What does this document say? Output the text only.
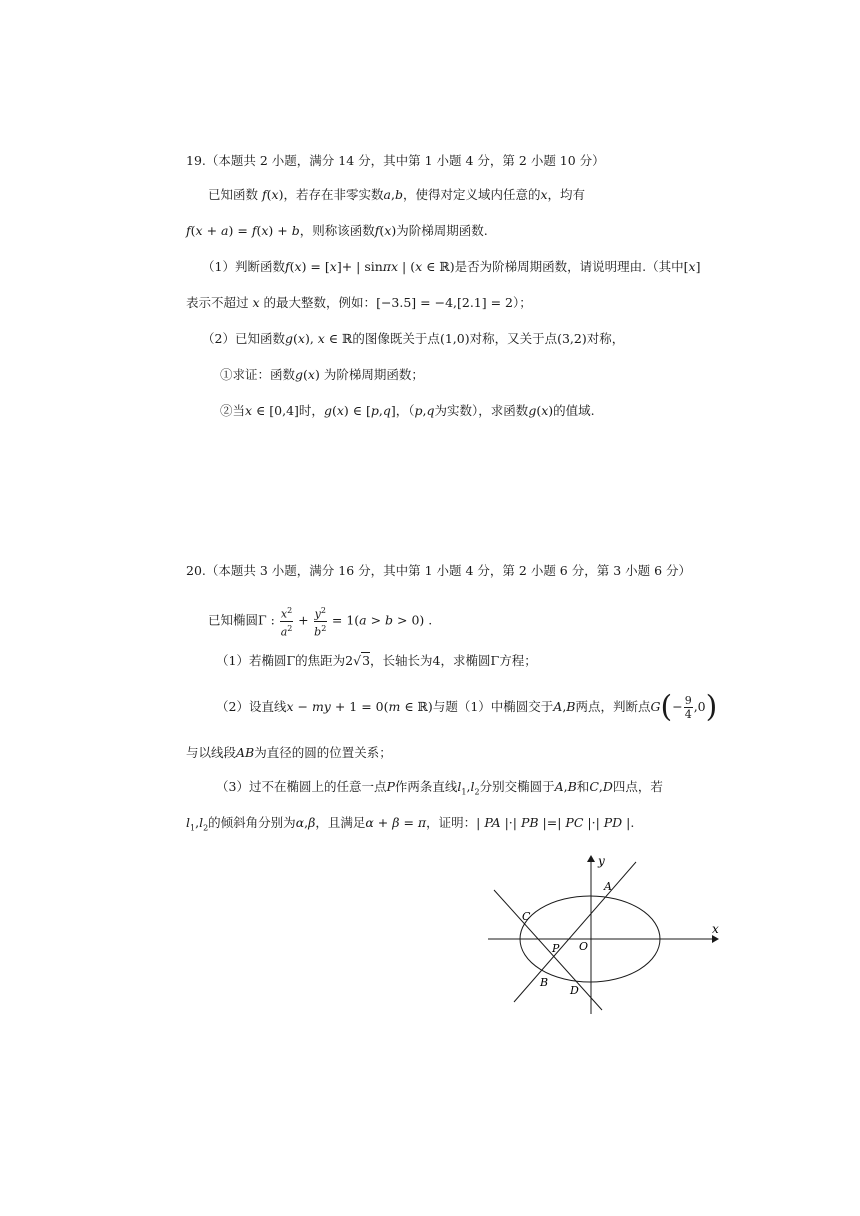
19.（本题共 2 小题，满分 14 分，其中第 1 小题 4 分，第 2 小题 10 分）
已知函数 f(x)，若存在非零实数a,b，使得对定义域内任意的x，均有
f(x + a) = f(x) + b，则称该函数f(x)为阶梯周期函数.
（1）判断函数f(x) = [x]+ | sinπx | (x ∈ ℝ)是否为阶梯周期函数，请说明理由.（其中[x]
表示不超过 x 的最大整数，例如：[−3.5] = −4,[2.1] = 2）；
（2）已知函数g(x), x ∈ ℝ的图像既关于点(1,0)对称，又关于点(3,2)对称，
①求证：函数g(x) 为阶梯周期函数；
②当x ∈ [0,4]时，g(x) ∈ [p,q]，（p,q为实数），求函数g(x)的值域.
20.（本题共 3 小题，满分 16 分，其中第 1 小题 4 分，第 2 小题 6 分，第 3 小题 6 分）
已知椭圆Γ : $\frac{x^2}{a^2} + \frac{y^2}{b^2} = 1(a > b > 0)$ .
（1）若椭圆Γ的焦距为2√3，长轴长为4，求椭圆Γ方程；
（2）设直线x − my + 1 = 0(m ∈ ℝ)与题（1）中椭圆交于A,B两点，判断点$G(- \frac{9}{4} ,0)$
与以线段AB为直径的圆的位置关系；
（3）过不在椭圆上的任意一点P作两条直线$l_1,l_2$分别交椭圆于A,B和C,D四点，若
$l_1,l_2$的倾斜角分别为α,β，且满足α + β = π，证明：| PA |·| PB |=| PC |·| PD |.
y
x
A
C
O
P
B
D
